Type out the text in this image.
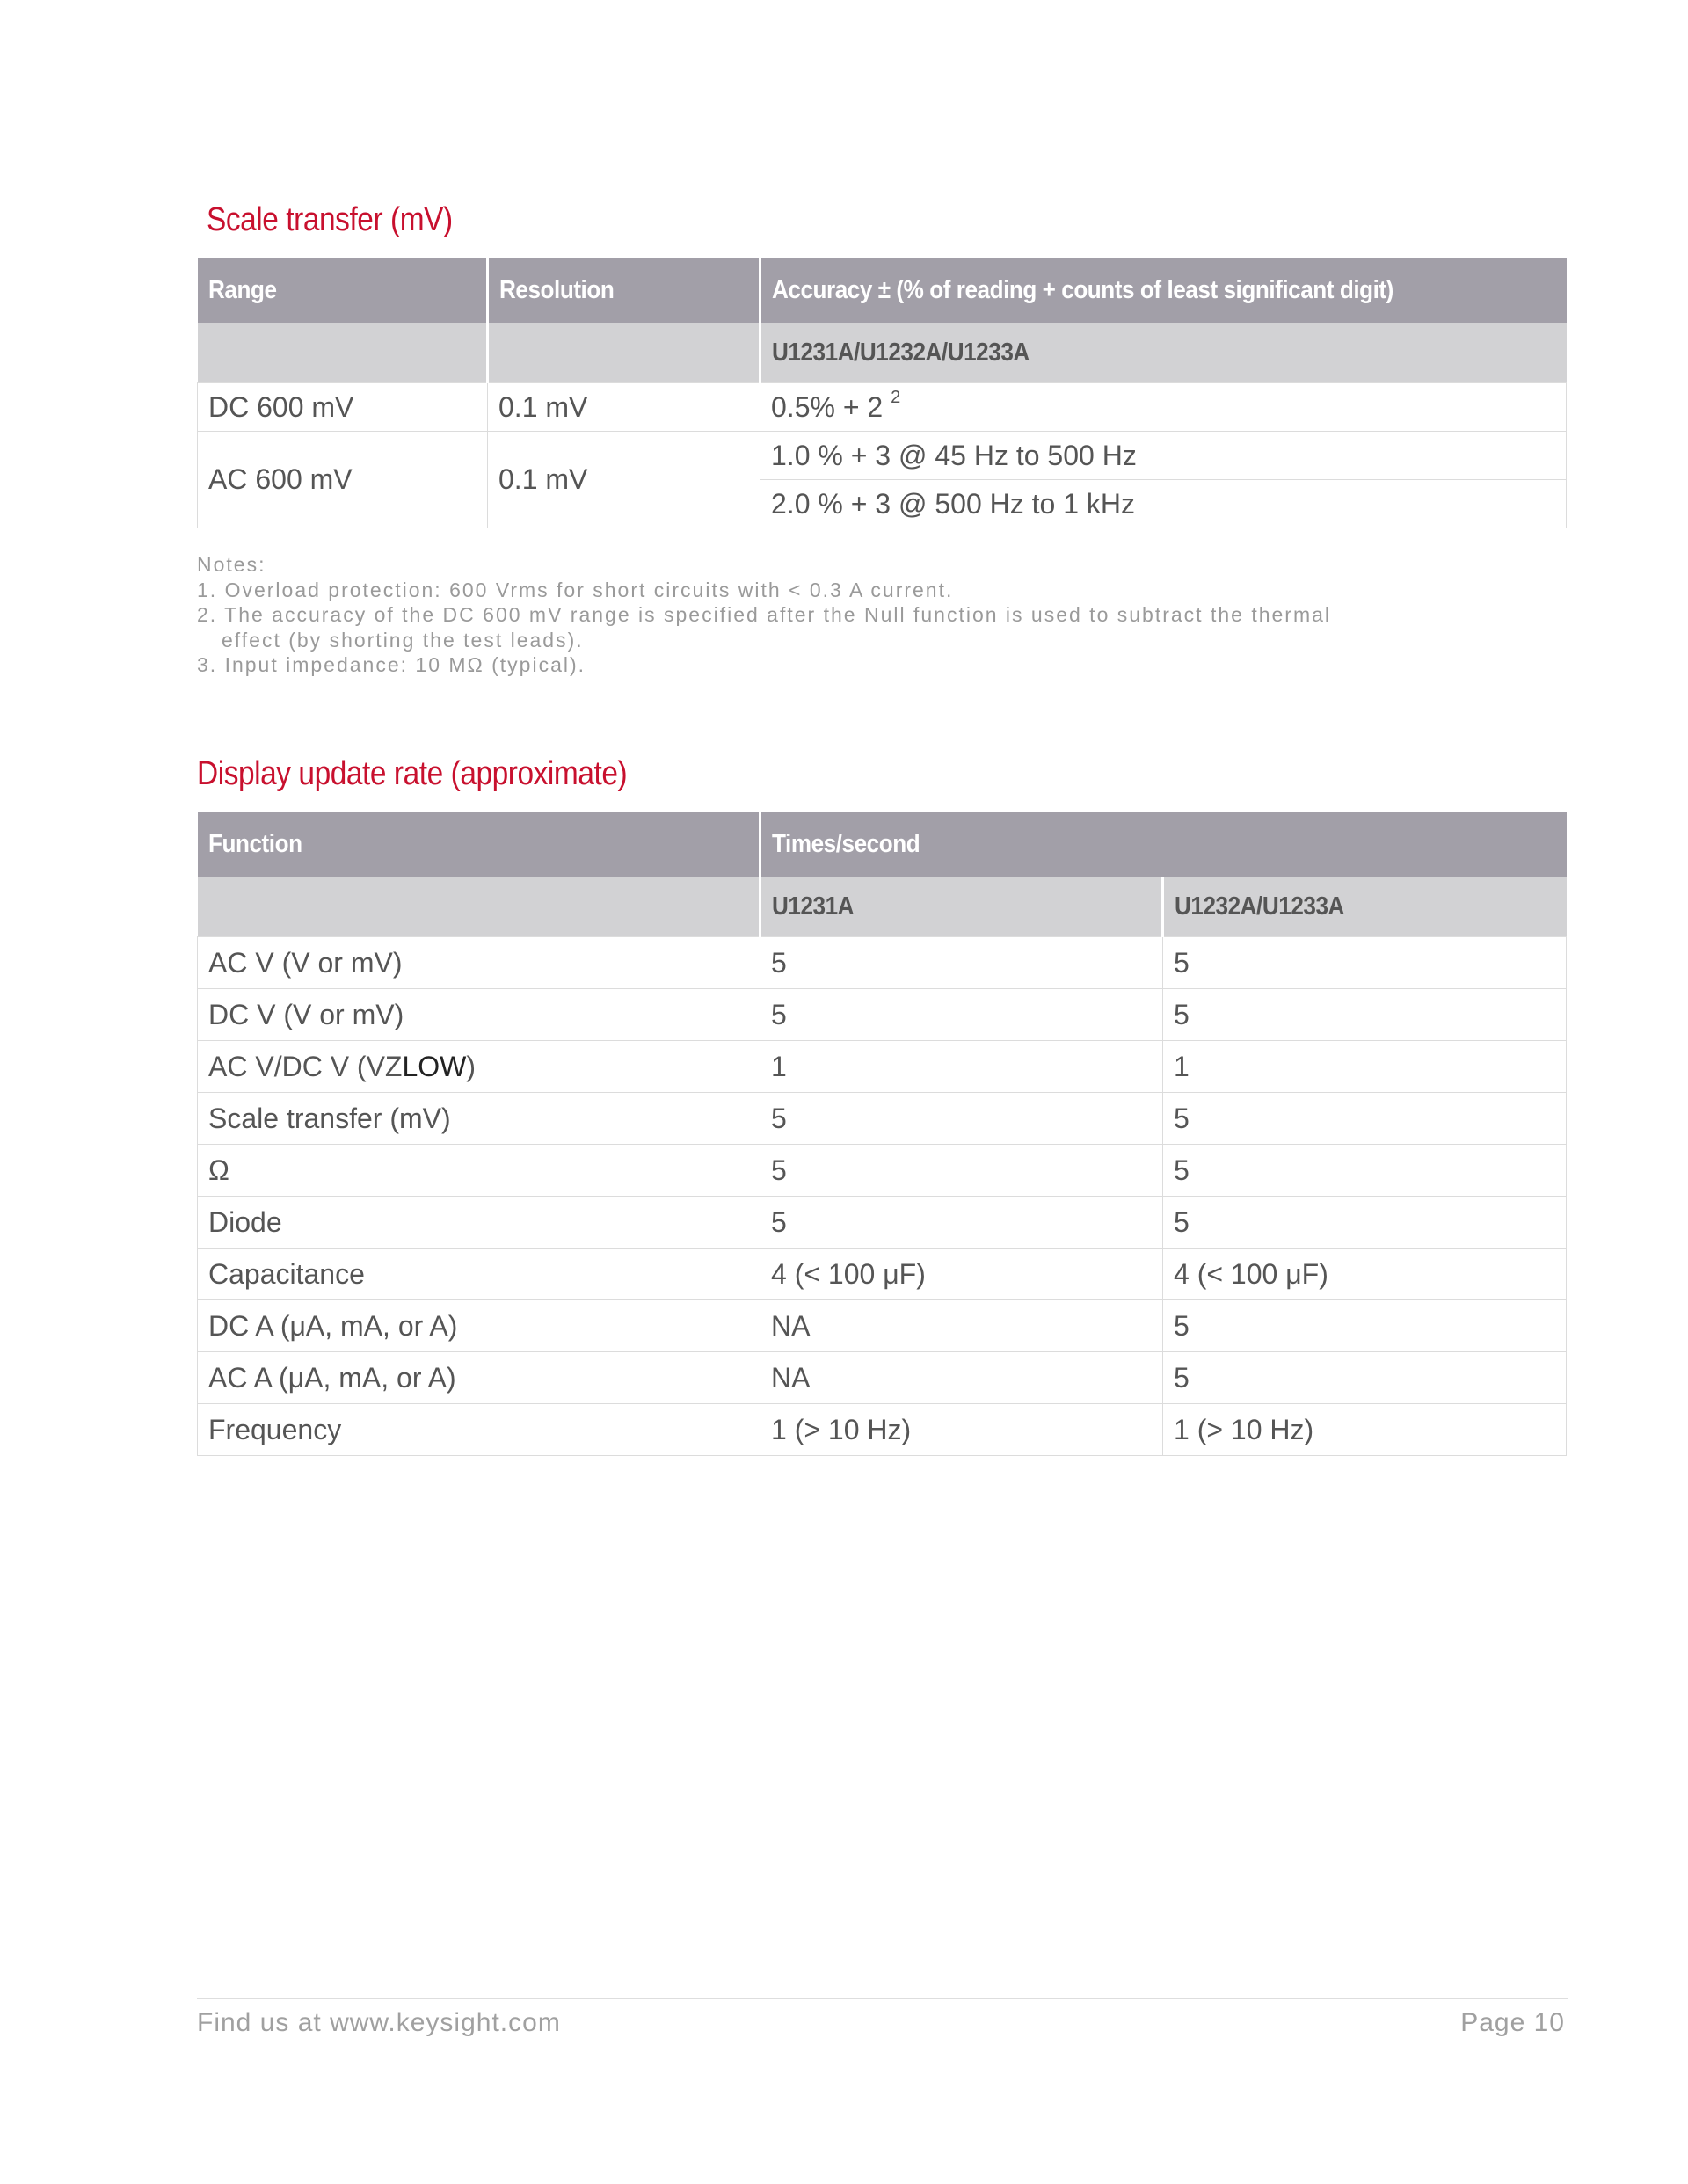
Scale transfer (mV)
Range	Resolution	Accuracy ± (% of reading + counts of least significant digit)
		U1231A/U1232A/U1233A
DC 600 mV	0.1 mV	0.5% + 2 $^2$
AC 600 mV	0.1 mV	1.0 % + 3 @ 45 Hz to 500 Hz
		2.0 % + 3 @ 500 Hz to 1 kHz
Notes:
1. Overload protection: 600 Vrms for short circuits with < 0.3 A current.
2. The accuracy of the DC 600 mV range is specified after the Null function is used to subtract the thermal
effect (by shorting the test leads).
3. Input impedance: 10 MΩ (typical).
Display update rate (approximate)
Function	Times/second	
	U1231A	U1232A/U1233A
AC V (V or mV)	5	5
DC V (V or mV)	5	5
AC V/DC V (VZLOW)	1	1
Scale transfer (mV)	5	5
Ω	5	5
Diode	5	5
Capacitance	4 (< 100 μF)	4 (< 100 μF)
DC A (μA, mA, or A)	NA	5
AC A (μA, mA, or A)	NA	5
Frequency	1 (> 10 Hz)	1 (> 10 Hz)
Find us at www.keysight.com	Page 10
